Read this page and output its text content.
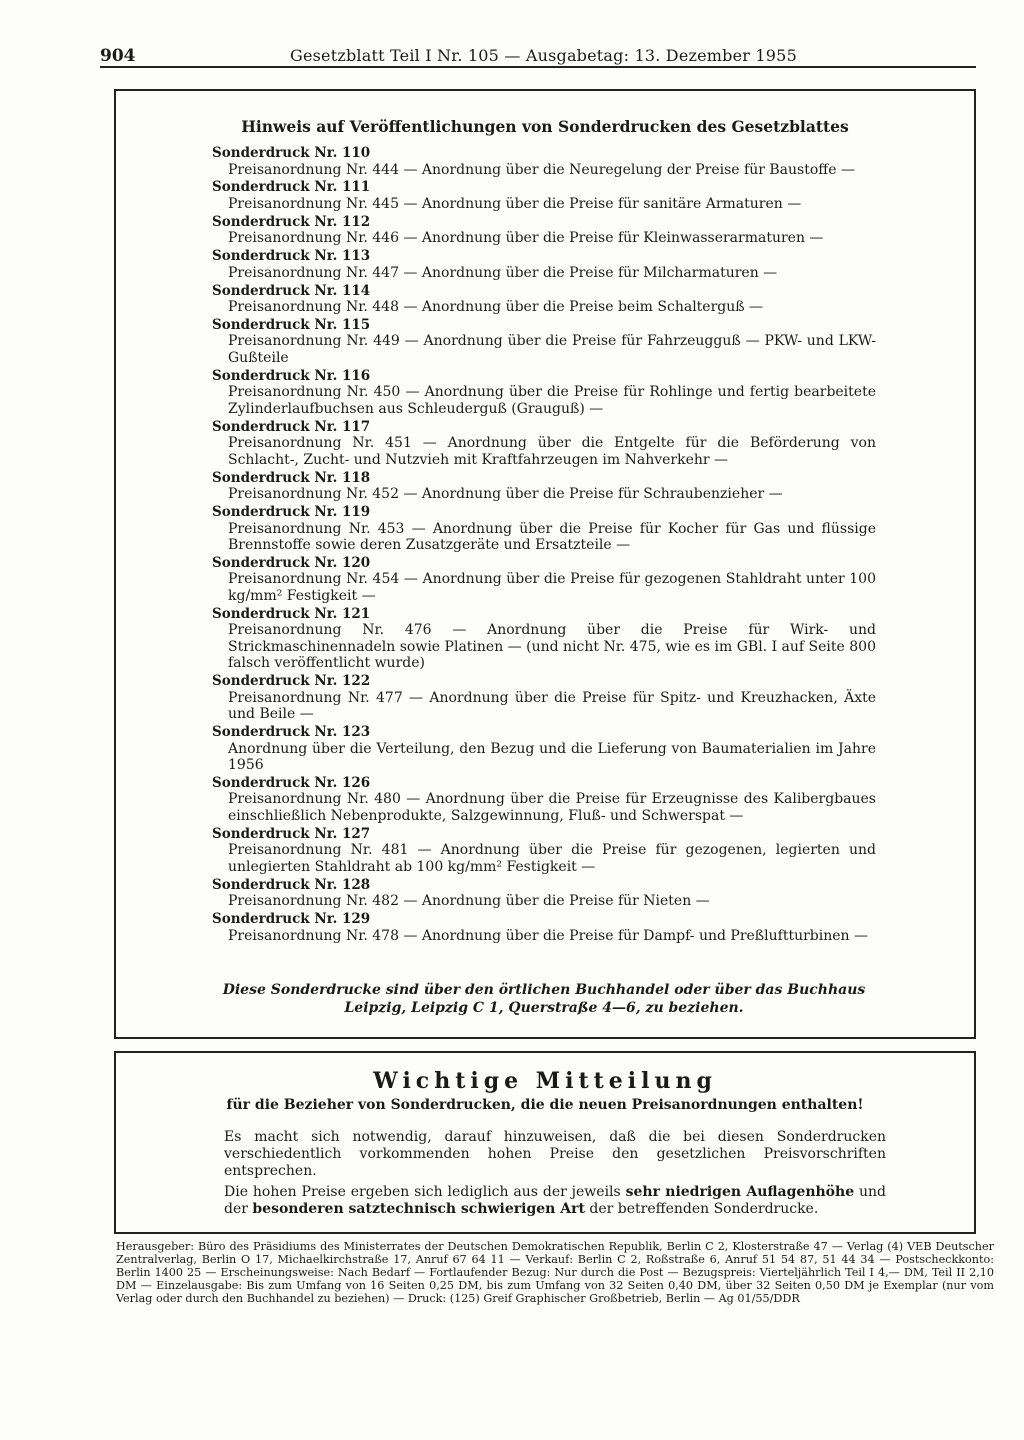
904	Gesetzblatt Teil I Nr. 105 — Ausgabetag: 13. Dezember 1955
Hinweis auf Veröffentlichungen von Sonderdrucken des Gesetzblattes
Sonderdruck Nr. 110
Preisanordnung Nr. 444 — Anordnung über die Neuregelung der Preise für Baustoffe —
Sonderdruck Nr. 111
Preisanordnung Nr. 445 — Anordnung über die Preise für sanitäre Armaturen —
Sonderdruck Nr. 112
Preisanordnung Nr. 446 — Anordnung über die Preise für Kleinwasserarmaturen —
Sonderdruck Nr. 113
Preisanordnung Nr. 447 — Anordnung über die Preise für Milcharmaturen —
Sonderdruck Nr. 114
Preisanordnung Nr. 448 — Anordnung über die Preise beim Schalterguß —
Sonderdruck Nr. 115
Preisanordnung Nr. 449 — Anordnung über die Preise für Fahrzeugguß — PKW- und LKW-Gußteile
Sonderdruck Nr. 116
Preisanordnung Nr. 450 — Anordnung über die Preise für Rohlinge und fertig bearbeitete Zylinderlaufbuchsen aus Schleuderguß (Grauguß) —
Sonderdruck Nr. 117
Preisanordnung Nr. 451 — Anordnung über die Entgelte für die Beförderung von Schlacht-, Zucht- und Nutzvieh mit Kraftfahrzeugen im Nahverkehr —
Sonderdruck Nr. 118
Preisanordnung Nr. 452 — Anordnung über die Preise für Schraubenzieher —
Sonderdruck Nr. 119
Preisanordnung Nr. 453 — Anordnung über die Preise für Kocher für Gas und flüssige Brennstoffe sowie deren Zusatzgeräte und Ersatzteile —
Sonderdruck Nr. 120
Preisanordnung Nr. 454 — Anordnung über die Preise für gezogenen Stahldraht unter 100 kg/mm² Festigkeit —
Sonderdruck Nr. 121
Preisanordnung Nr. 476 — Anordnung über die Preise für Wirk- und Strickmaschinennadeln sowie Platinen — (und nicht Nr. 475, wie es im GBl. I auf Seite 800 falsch veröffentlicht wurde)
Sonderdruck Nr. 122
Preisanordnung Nr. 477 — Anordnung über die Preise für Spitz- und Kreuzhacken, Äxte und Beile —
Sonderdruck Nr. 123
Anordnung über die Verteilung, den Bezug und die Lieferung von Baumaterialien im Jahre 1956
Sonderdruck Nr. 126
Preisanordnung Nr. 480 — Anordnung über die Preise für Erzeugnisse des Kalibergbaues einschließlich Nebenprodukte, Salzgewinnung, Fluß- und Schwerspat —
Sonderdruck Nr. 127
Preisanordnung Nr. 481 — Anordnung über die Preise für gezogenen, legierten und unlegierten Stahldraht ab 100 kg/mm² Festigkeit —
Sonderdruck Nr. 128
Preisanordnung Nr. 482 — Anordnung über die Preise für Nieten —
Sonderdruck Nr. 129
Preisanordnung Nr. 478 — Anordnung über die Preise für Dampf- und Preßluftturbinen —
Diese Sonderdrucke sind über den örtlichen Buchhandel oder über das Buchhaus Leipzig, Leipzig C 1, Querstraße 4—6, zu beziehen.
Wichtige Mitteilung
für die Bezieher von Sonderdrucken, die die neuen Preisanordnungen enthalten!

Es macht sich notwendig, darauf hinzuweisen, daß die bei diesen Sonderdrucken verschiedentlich vorkommenden hohen Preise den gesetzlichen Preisvorschriften entsprechen.

Die hohen Preise ergeben sich lediglich aus der jeweils sehr niedrigen Auflagenhöhe und der besonderen satztechnisch schwierigen Art der betreffenden Sonderdrucke.

Herausgeber: Büro des Präsidiums des Ministerrates der Deutschen Demokratischen Republik, Berlin C 2, Klosterstraße 47 — Verlag (4) VEB Deutscher Zentralverlag, Berlin O 17, Michaelkirchstraße 17, Anruf 67 64 11 — Verkauf: Berlin C 2, Roßstraße 6, Anruf 51 54 87, 51 44 34 — Postscheckkonto: Berlin 1400 25 — Erscheinungsweise: Nach Bedarf — Fortlaufender Bezug: Nur durch die Post — Bezugspreis: Vierteljährlich Teil I 4,— DM, Teil II 2,10 DM — Einzelausgabe: Bis zum Umfang von 16 Seiten 0,25 DM, bis zum Umfang von 32 Seiten 0,40 DM, über 32 Seiten 0,50 DM je Exemplar (nur vom Verlag oder durch den Buchhandel zu beziehen) — Druck: (125) Greif Graphischer Großbetrieb, Berlin — Ag 01/55/DDR
